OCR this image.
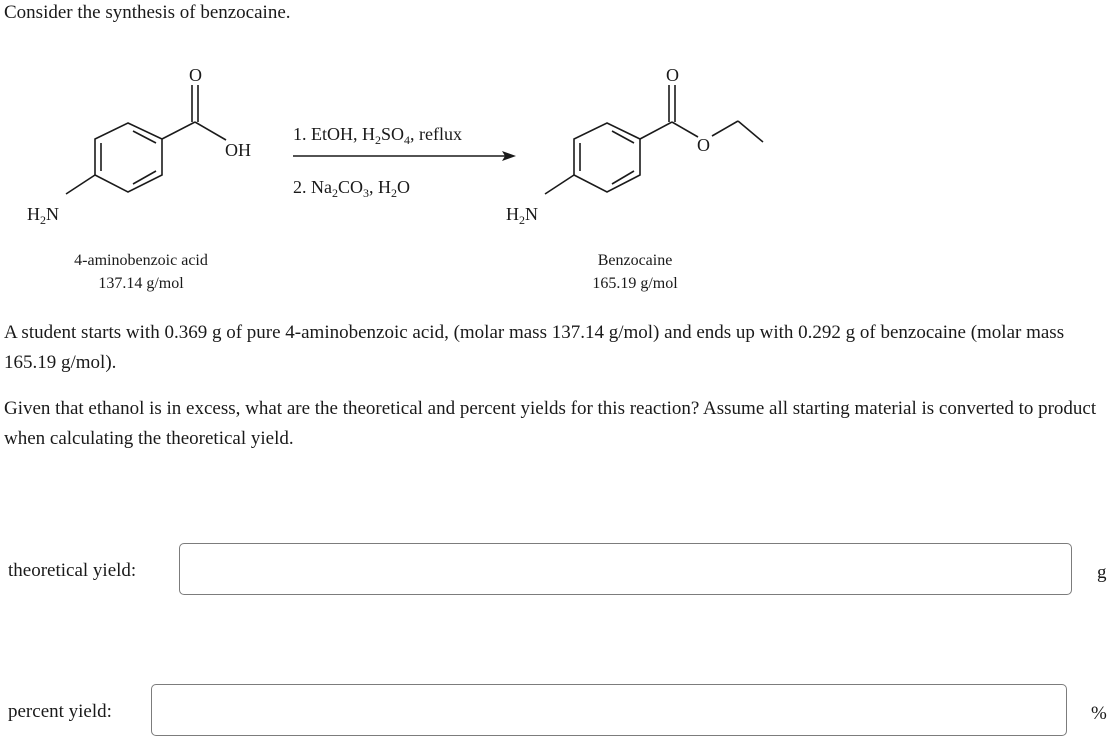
Consider the synthesis of benzocaine.
O
OH
$H_2N$
4-aminobenzoic acid
137.14 g/mol
1. EtOH, $H_2SO_4$, reflux
2. $Na_2CO_3$, $H_2O$
O
O
$H_2N$
Benzocaine
165.19 g/mol
A student starts with 0.369 g of pure 4-aminobenzoic acid, (molar mass 137.14 g/mol) and ends up with 0.292 g of benzocaine (molar mass 165.19 g/mol).
Given that ethanol is in excess, what are the theoretical and percent yields for this reaction? Assume all starting material is converted to product when calculating the theoretical yield.
theoretical yield:	g
percent yield:	%
